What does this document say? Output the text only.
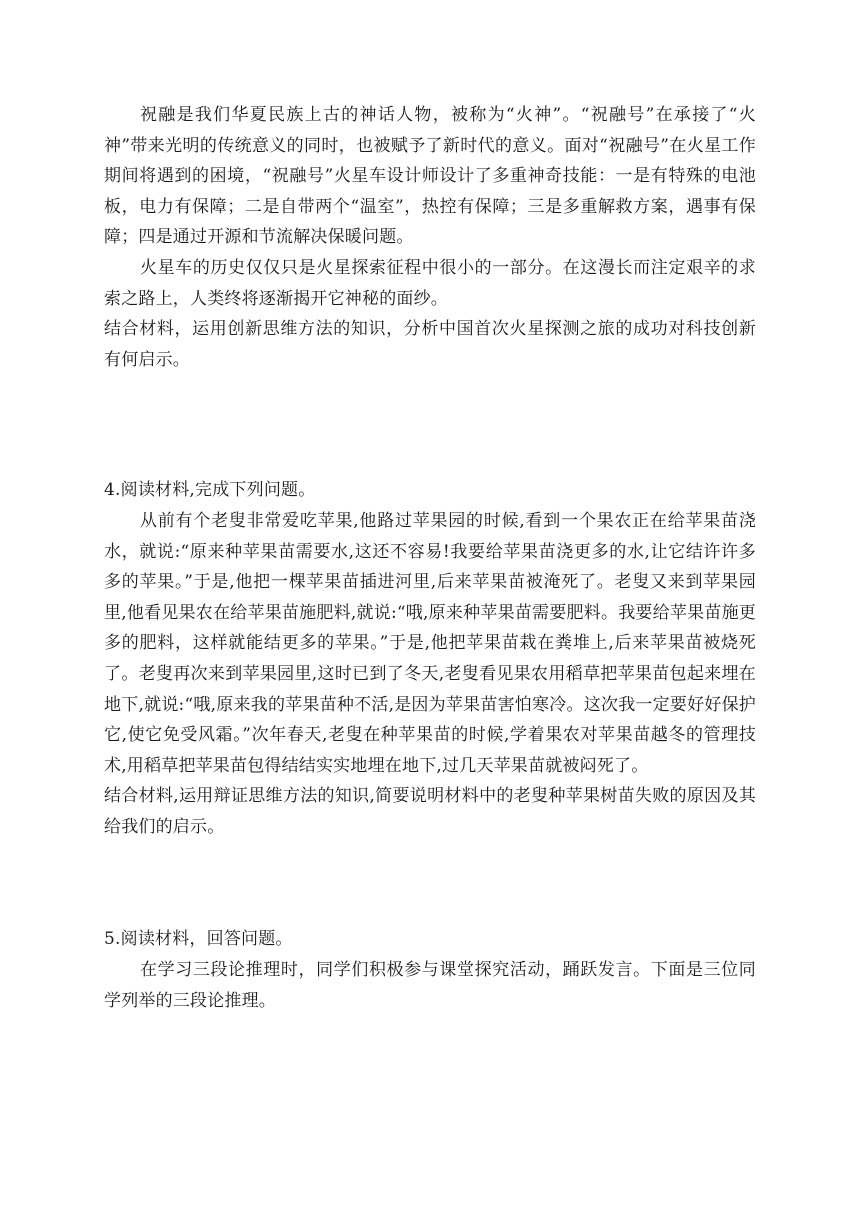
祝融是我们华夏民族上古的神话人物，被称为“火神”。“祝融号”在承接了“火神”带来光明的传统意义的同时，也被赋予了新时代的意义。面对“祝融号”在火星工作期间将遇到的困境，“祝融号”火星车设计师设计了多重神奇技能：一是有特殊的电池板，电力有保障；二是自带两个“温室”，热控有保障；三是多重解救方案，遇事有保障；四是通过开源和节流解决保暖问题。

火星车的历史仅仅只是火星探索征程中很小的一部分。在这漫长而注定艰辛的求索之路上，人类终将逐渐揭开它神秘的面纱。

结合材料，运用创新思维方法的知识，分析中国首次火星探测之旅的成功对科技创新有何启示。

4.阅读材料,完成下列问题。

从前有个老叟非常爱吃苹果,他路过苹果园的时候,看到一个果农正在给苹果苗浇水，就说:“原来种苹果苗需要水,这还不容易!我要给苹果苗浇更多的水,让它结许许多多的苹果。”于是,他把一棵苹果苗插进河里,后来苹果苗被淹死了。老叟又来到苹果园里,他看见果农在给苹果苗施肥料,就说:“哦,原来种苹果苗需要肥料。我要给苹果苗施更多的肥料，这样就能结更多的苹果。”于是,他把苹果苗栽在粪堆上,后来苹果苗被烧死了。老叟再次来到苹果园里,这时已到了冬天,老叟看见果农用稻草把苹果苗包起来埋在地下,就说:“哦,原来我的苹果苗种不活,是因为苹果苗害怕寒冷。这次我一定要好好保护它,使它免受风霜。”次年春天,老叟在种苹果苗的时候,学着果农对苹果苗越冬的管理技术,用稻草把苹果苗包得结结实实地埋在地下,过几天苹果苗就被闷死了。

结合材料,运用辩证思维方法的知识,简要说明材料中的老叟种苹果树苗失败的原因及其给我们的启示。

5.阅读材料，回答问题。

在学习三段论推理时，同学们积极参与课堂探究活动，踊跃发言。下面是三位同学列举的三段论推理。
